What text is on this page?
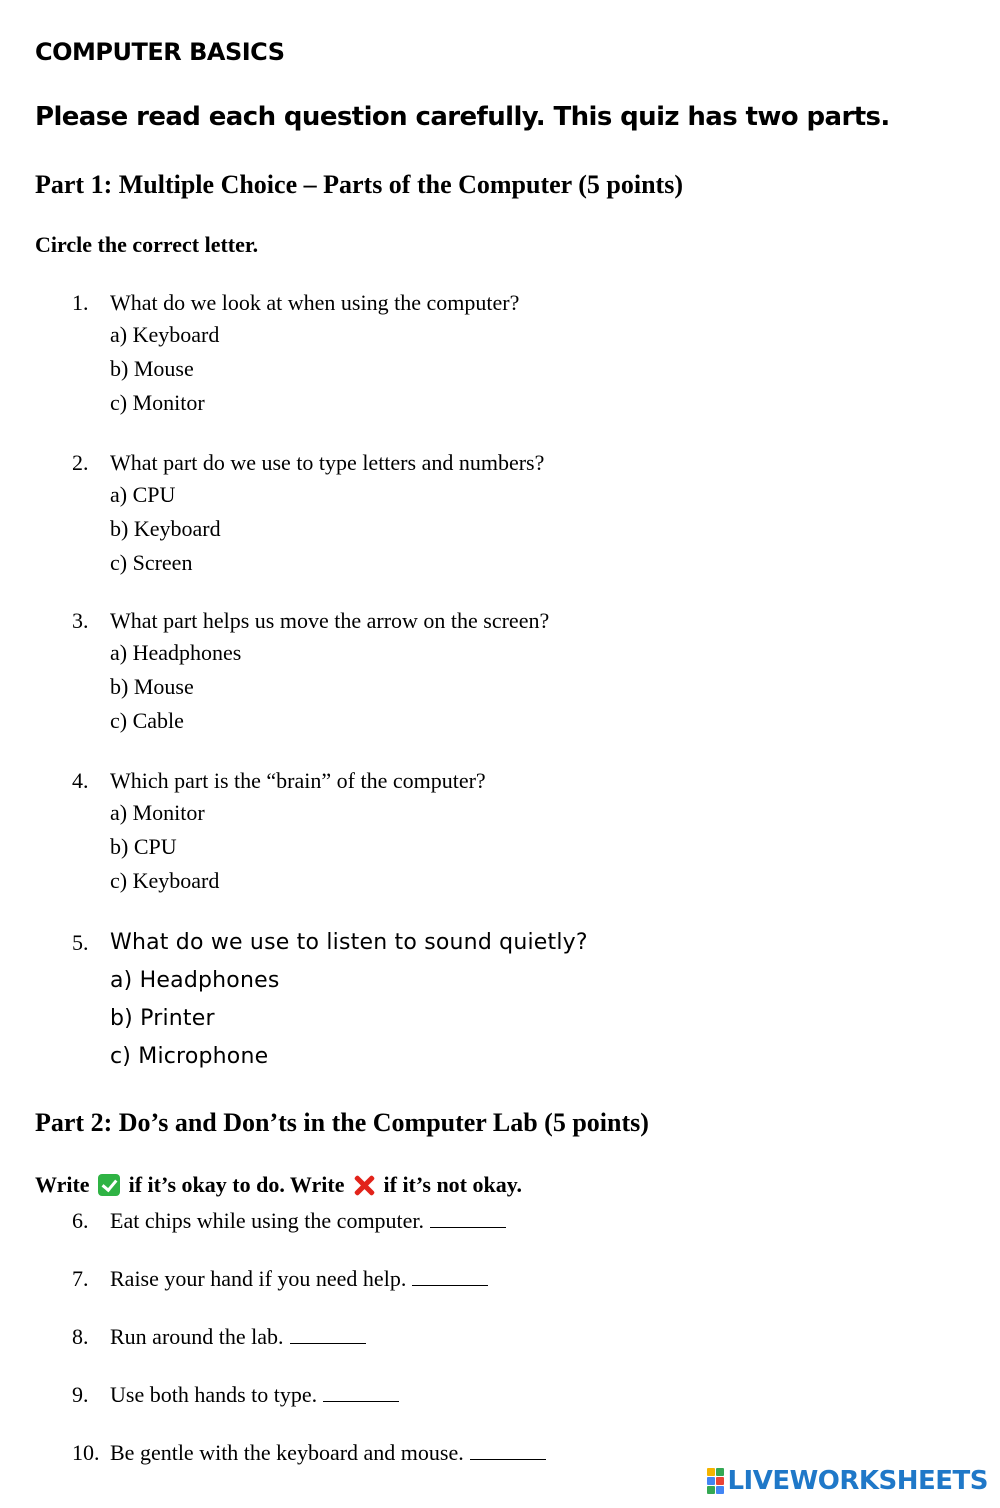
COMPUTER BASICS
Please read each question carefully. This quiz has two parts.
Part 1: Multiple Choice – Parts of the Computer (5 points)
Circle the correct letter.
1. What do we look at when using the computer?
a) Keyboard
b) Mouse
c) Monitor
2. What part do we use to type letters and numbers?
a) CPU
b) Keyboard
c) Screen
3. What part helps us move the arrow on the screen?
a) Headphones
b) Mouse
c) Cable
4. Which part is the “brain” of the computer?
a) Monitor
b) CPU
c) Keyboard
5. What do we use to listen to sound quietly?
a) Headphones
b) Printer
c) Microphone
Part 2: Do’s and Don’ts in the Computer Lab (5 points)
Write if it’s okay to do. Write if it’s not okay.
6. Eat chips while using the computer.
7. Raise your hand if you need help.
8. Run around the lab.
9. Use both hands to type.
10. Be gentle with the keyboard and mouse.
LIVEWORKSHEETS
